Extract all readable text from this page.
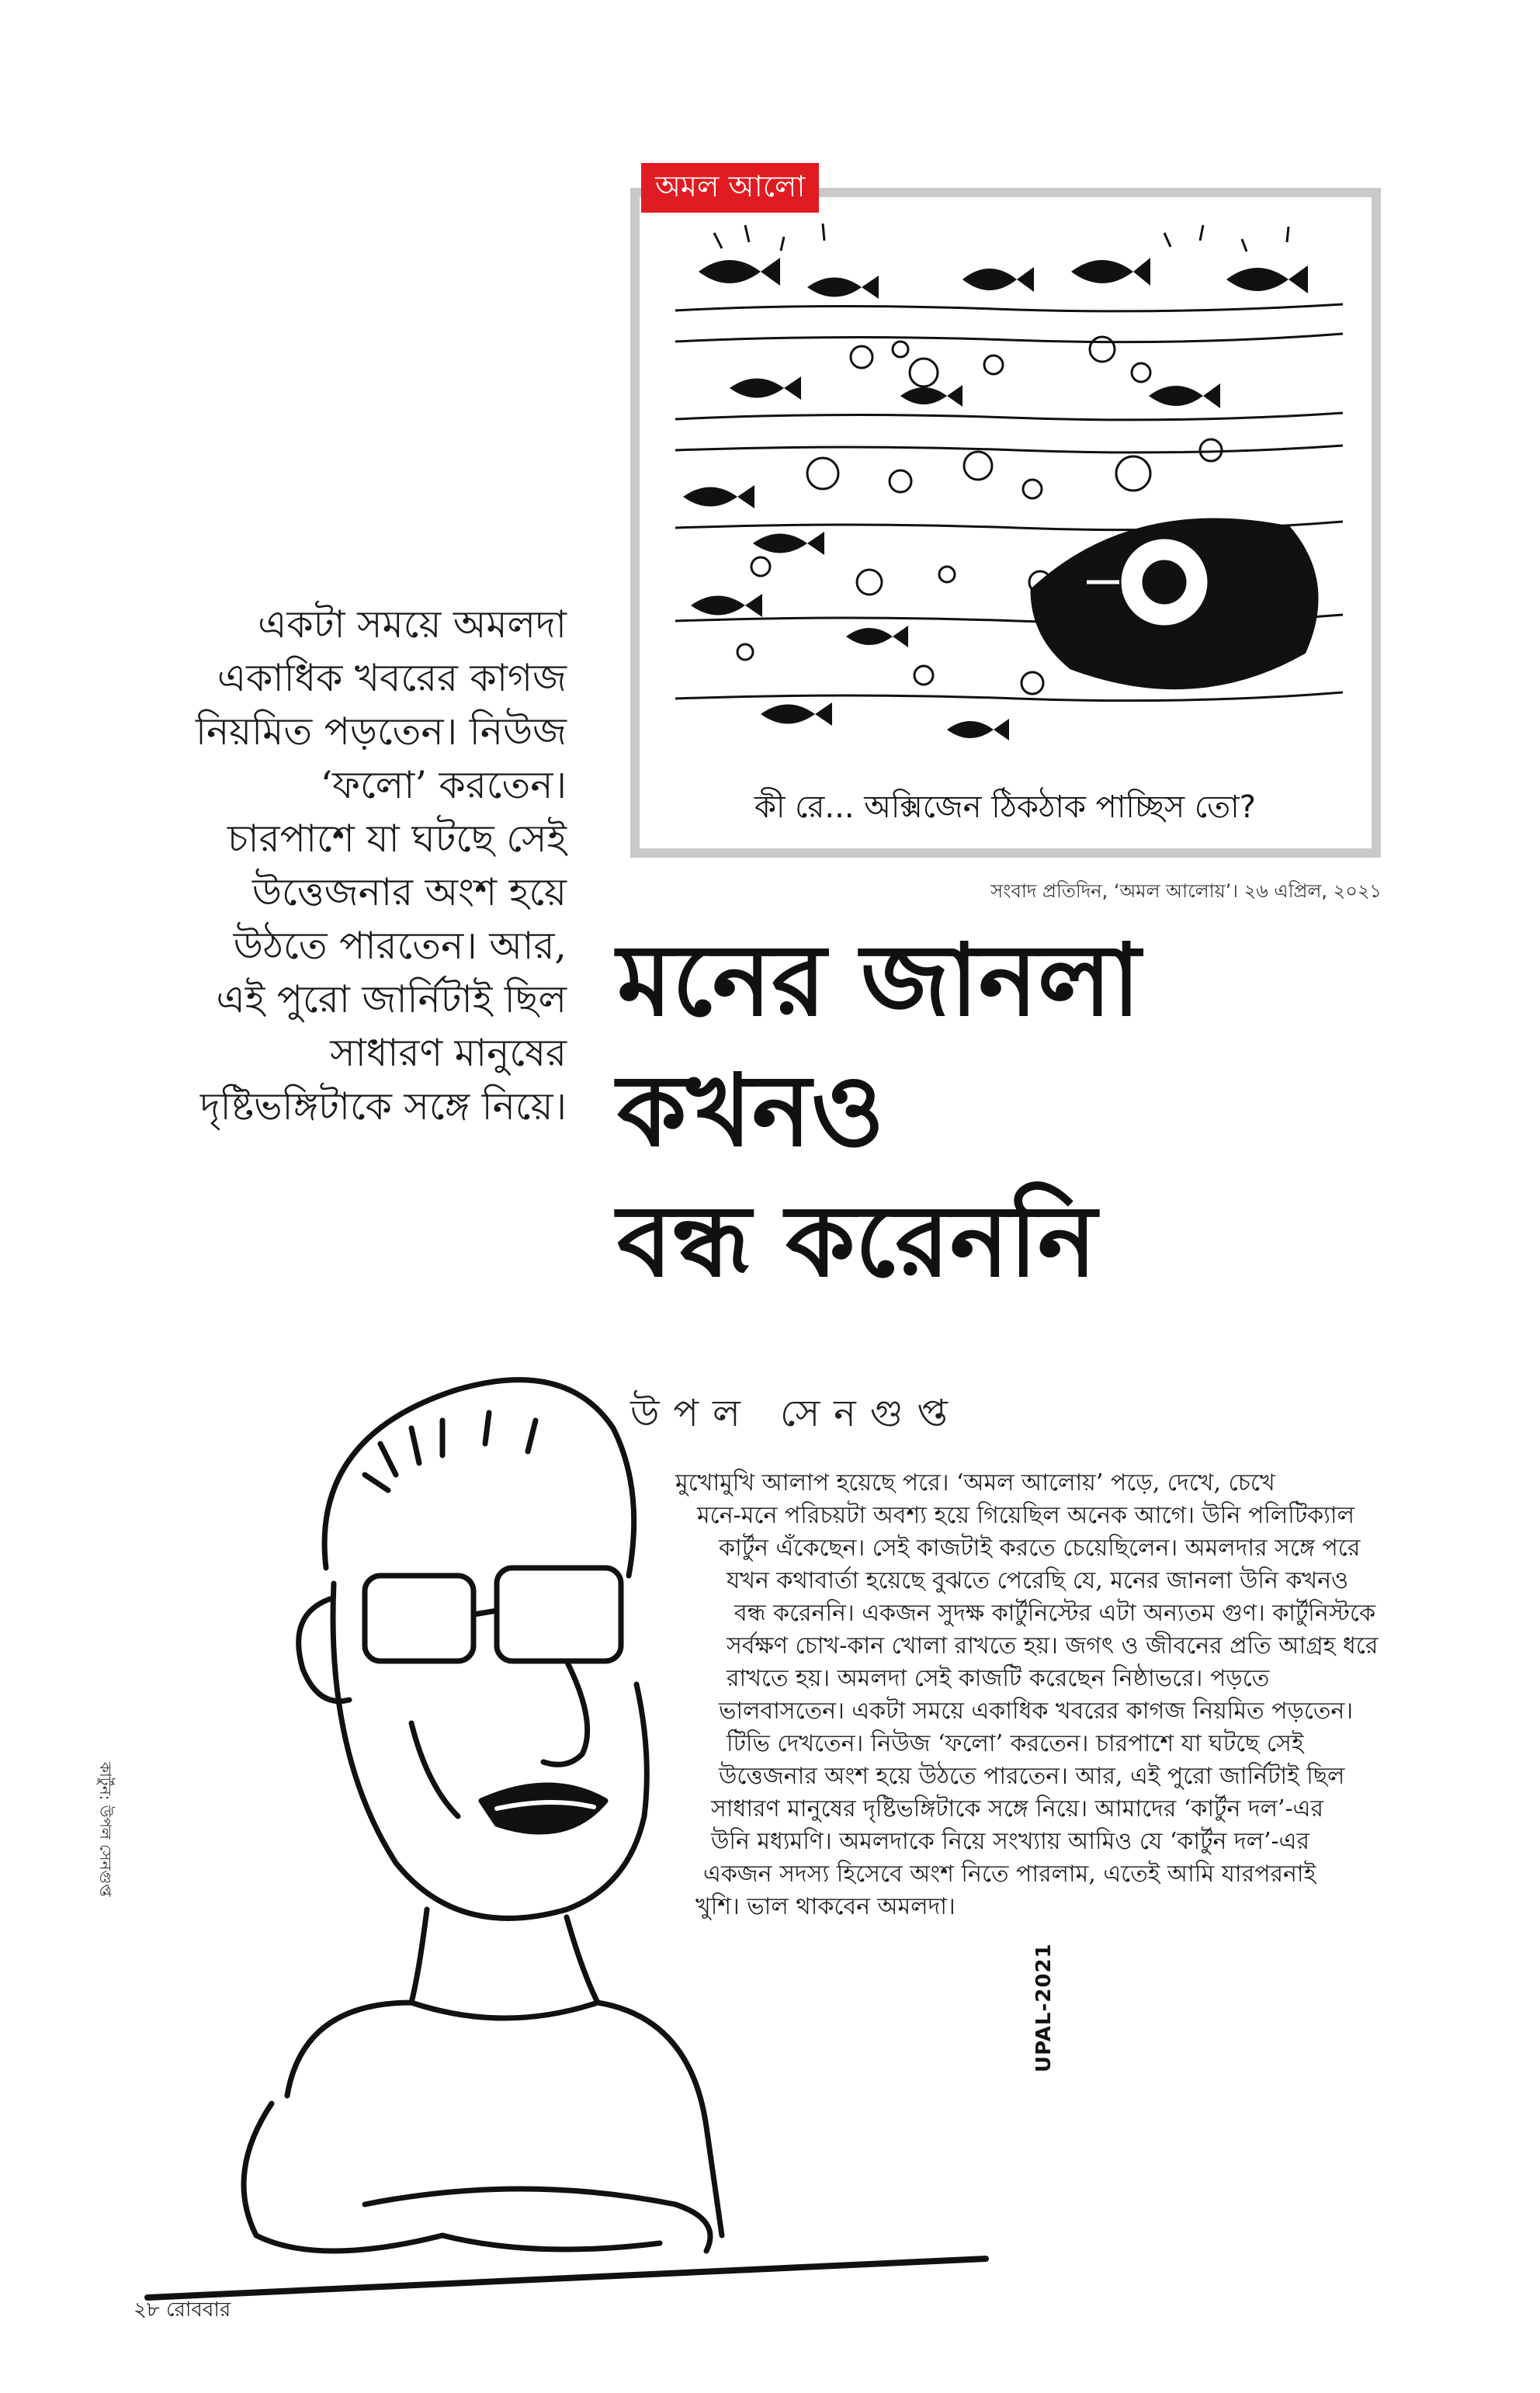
অমল আলো
কী রে... অক্সিজেন ঠিকঠাক পাচ্ছিস তো?
সংবাদ প্রতিদিন, ‘অমল আলোয়’। ২৬ এপ্রিল, ২০২১
একটা সময়ে অমলদা
একাধিক খবরের কাগজ
নিয়মিত পড়তেন। নিউজ
‘ফলো’ করতেন।
চারপাশে যা ঘটছে সেই
উত্তেজনার অংশ হয়ে
উঠতে পারতেন। আর,
এই পুরো জার্নিটাই ছিল
সাধারণ মানুষের
দৃষ্টিভঙ্গিটাকে সঙ্গে নিয়ে।
মনের জানলা
কখনও
বন্ধ করেননি
উপল সেনগুপ্ত
মুখোমুখি আলাপ হয়েছে পরে। ‘অমল আলোয়’ পড়ে, দেখে, চেখে
মনে-মনে পরিচয়টা অবশ্য হয়ে গিয়েছিল অনেক আগে। উনি পলিটিক্যাল
কার্টুন এঁকেছেন। সেই কাজটাই করতে চেয়েছিলেন। অমলদার সঙ্গে পরে
যখন কথাবার্তা হয়েছে বুঝতে পেরেছি যে, মনের জানলা উনি কখনও
বন্ধ করেননি। একজন সুদক্ষ কার্টুনিস্টের এটা অন্যতম গুণ। কার্টুনিস্টকে
সর্বক্ষণ চোখ-কান খোলা রাখতে হয়। জগৎ ও জীবনের প্রতি আগ্রহ ধরে
রাখতে হয়। অমলদা সেই কাজটি করেছেন নিষ্ঠাভরে। পড়তে
ভালবাসতেন। একটা সময়ে একাধিক খবরের কাগজ নিয়মিত পড়তেন।
টিভি দেখতেন। নিউজ ‘ফলো’ করতেন। চারপাশে যা ঘটছে সেই
উত্তেজনার অংশ হয়ে উঠতে পারতেন। আর, এই পুরো জার্নিটাই ছিল
সাধারণ মানুষের দৃষ্টিভঙ্গিটাকে সঙ্গে নিয়ে। আমাদের ‘কার্টুন দল’-এর
উনি মধ্যমণি। অমলদাকে নিয়ে সংখ্যায় আমিও যে ‘কার্টুন দল’-এর
একজন সদস্য হিসেবে অংশ নিতে পারলাম, এতেই আমি যারপরনাই
খুশি। ভাল থাকবেন অমলদা।
কার্টুন: উপল সেনগুপ্ত
UPAL-2021
২৮ রোববার
